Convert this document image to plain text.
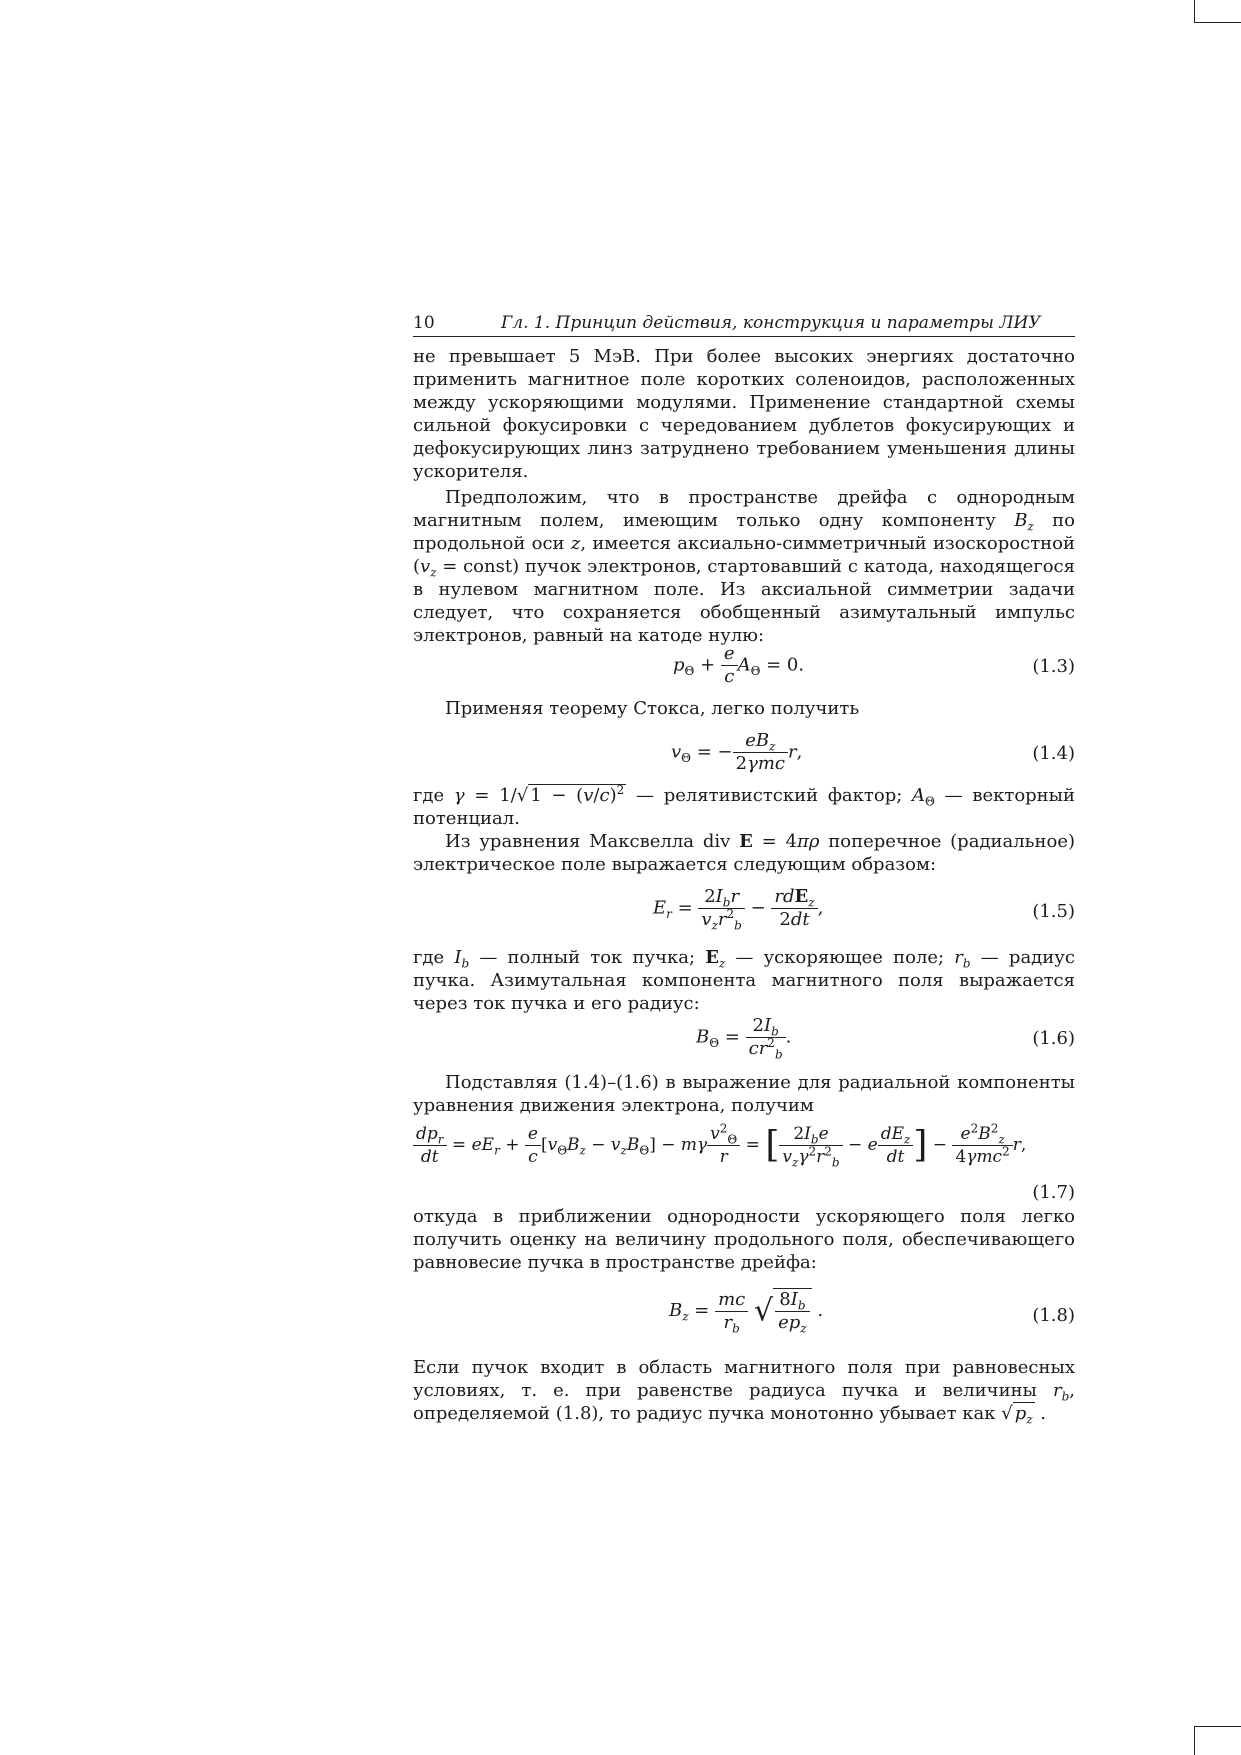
10	Гл. 1. Принцип действия, конструкция и параметры ЛИУ

не превышает 5 МэВ. При более высоких энергиях достаточно применить магнитное поле коротких соленоидов, расположенных между ускоряющими модулями. Применение стандартной схемы сильной фокусировки с чередованием дублетов фокусирующих и дефокусирующих линз затруднено требованием уменьшения длины ускорителя.

Предположим, что в пространстве дрейфа с однородным магнитным полем, имеющим только одну компоненту $B_z$ по продольной оси z, имеется аксиально-симметричный изоскоростной ($v_z$ = const) пучок электронов, стартовавший с катода, находящегося в нулевом магнитном поле. Из аксиальной симметрии задачи следует, что сохраняется обобщенный азимутальный импульс электронов, равный на катоде нулю:

$p_\Theta + \frac{e}{c} A_\Theta = 0$.	(1.3)

Применяя теорему Стокса, легко получить

$v_\Theta$ = − $\frac{eB_z}{\text{2γmc}} r$,	(1.4)

где γ = 1/√ $1 - (v/c)^2$ — релятивистский фактор; $A_\Theta$ — векторный потенциал.

Из уравнения Максвелла div E = 4πρ поперечное (радиальное) электрическое поле выражается следующим образом:

$E_r = \frac{2I_br}{v_zr^2_b} - \frac{rdE_z}{2dt}$ ,	(1.5)

где $I_b$ — полный ток пучка; $E_z$ — ускоряющее поле; $r_b$ — радиус пучка. Азимутальная компонента магнитного поля выражается через ток пучка и его радиус:

$B_\Theta = \frac{2I_b}{cr^2_b}$ .	(1.6)

Подставляя (1.4)–(1.6) в выражение для радиальной компоненты уравнения движения электрона, получим

$\frac{dp_r}{dt} = eE_r + \frac{e}{c} [v_\Theta B_z - v_zB_\Theta] - m\gamma \frac{v^2_\Theta}{r}$ = [ $\frac{2I_be}{v_z\gamma^2r^2_b} - e \frac{dE_z}{dt}$ ] − $\frac{e^2B^2_z}{4\gamma mc^2} r$,
(1.7)

откуда в приближении однородности ускоряющего поля легко получить оценку на величину продольного поля, обеспечивающего равновесие пучка в пространстве дрейфа:

$B_z = \frac{mc}{r_b}$ √ $\frac{8I_b}{ep_z}$ .	(1.8)

Если пучок входит в область магнитного поля при равновесных условиях, т. е. при равенстве радиуса пучка и величины $r_b$, определяемой (1.8), то радиус пучка монотонно убывает как √ $p_z$ .
